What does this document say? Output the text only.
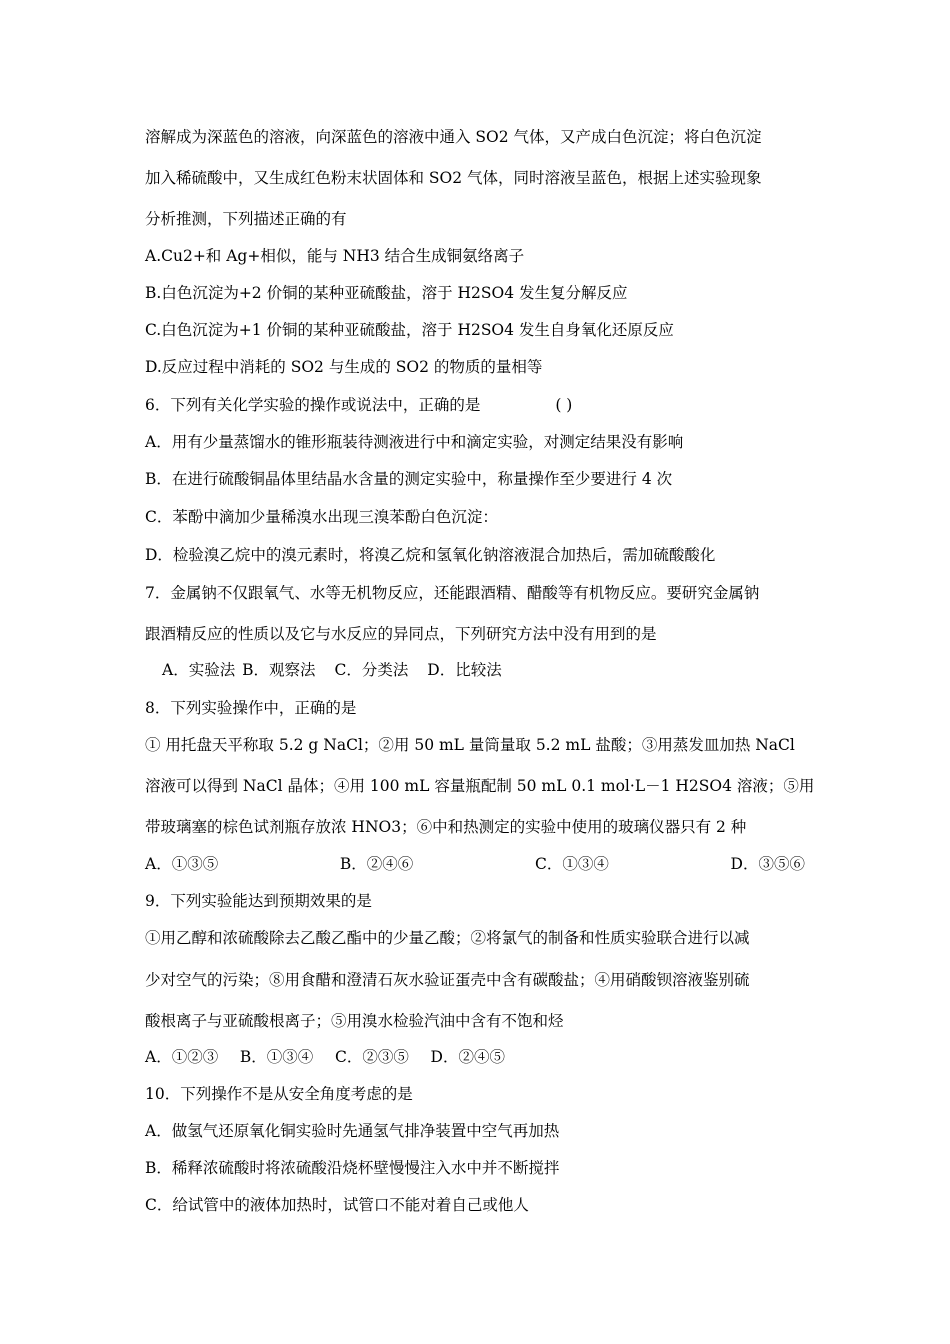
溶解成为深蓝色的溶液，向深蓝色的溶液中通入 SO2 气体，又产成白色沉淀；将白色沉淀
加入稀硫酸中，又生成红色粉末状固体和 SO2 气体，同时溶液呈蓝色，根据上述实验现象
分析推测，下列描述正确的有
A.Cu2+和 Ag+相似，能与 NH3 结合生成铜氨络离子
B.白色沉淀为+2 价铜的某种亚硫酸盐，溶于 H2SO4 发生复分解反应
C.白色沉淀为+1 价铜的某种亚硫酸盐，溶于 H2SO4 发生自身氧化还原反应
D.反应过程中消耗的 SO2 与生成的 SO2 的物质的量相等
6．下列有关化学实验的操作或说法中，正确的是	( )
A．用有少量蒸馏水的锥形瓶装待测液进行中和滴定实验，对测定结果没有影响
B．在进行硫酸铜晶体里结晶水含量的测定实验中，称量操作至少要进行 4 次
C．苯酚中滴加少量稀溴水出现三溴苯酚白色沉淀：
D．检验溴乙烷中的溴元素时，将溴乙烷和氢氧化钠溶液混合加热后，需加硫酸酸化
7．金属钠不仅跟氧气、水等无机物反应，还能跟酒精、醋酸等有机物反应。要研究金属钠
跟酒精反应的性质以及它与水反应的异同点，下列研究方法中没有用到的是
A．实验法 B．观察法 C．分类法 D．比较法
8．下列实验操作中，正确的是
① 用托盘天平称取 5.2 g NaCl；②用 50 mL 量筒量取 5.2 mL 盐酸；③用蒸发皿加热 NaCl
溶液可以得到 NaCl 晶体；④用 100 mL 容量瓶配制 50 mL 0.1 mol·L－1 H2SO4 溶液；⑤用
带玻璃塞的棕色试剂瓶存放浓 HNO3；⑥中和热测定的实验中使用的玻璃仪器只有 2 种
A．①③⑤	B．②④⑥	C．①③④	D．③⑤⑥
9．下列实验能达到预期效果的是
①用乙醇和浓硫酸除去乙酸乙酯中的少量乙酸；②将氯气的制备和性质实验联合进行以减
少对空气的污染；⑧用食醋和澄清石灰水验证蛋壳中含有碳酸盐；④用硝酸钡溶液鉴别硫
酸根离子与亚硫酸根离子；⑤用溴水检验汽油中含有不饱和烃
A．①②③ B．①③④ C．②③⑤ D．②④⑤
10．下列操作不是从安全角度考虑的是
A．做氢气还原氧化铜实验时先通氢气排净装置中空气再加热
B．稀释浓硫酸时将浓硫酸沿烧杯壁慢慢注入水中并不断搅拌
C．给试管中的液体加热时，试管口不能对着自己或他人
